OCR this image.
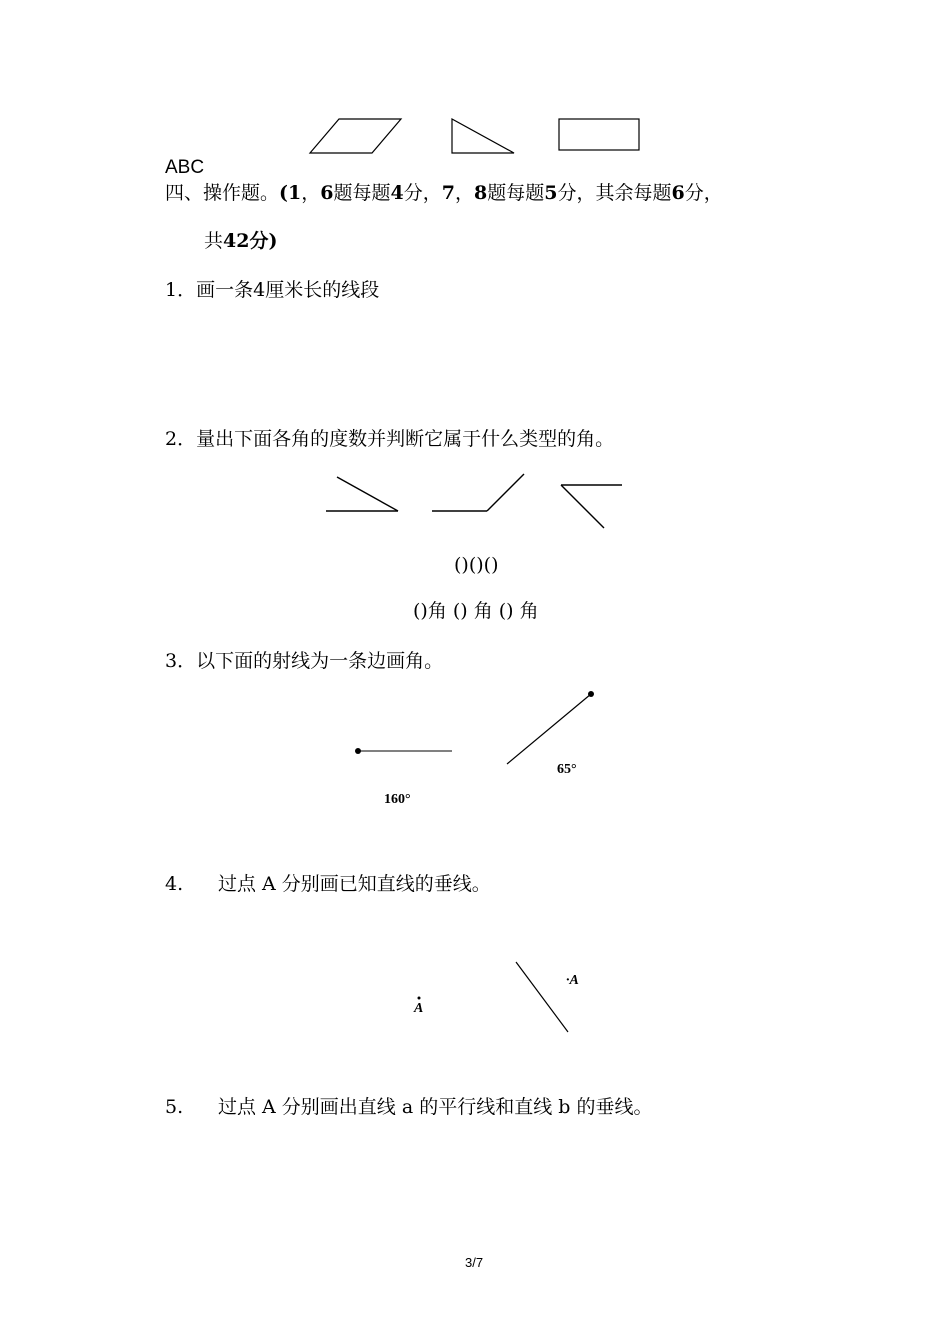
ABC
四、操作题。(1，6题每题4分，7，8题每题5分，其余每题6分，
共42分)
1．画一条4厘米长的线段
2．量出下面各角的度数并判断它属于什么类型的角。
()()()
()角 () 角 () 角
3．以下面的射线为一条边画角。
160°
65°
4. 过点 A 分别画已知直线的垂线。
A
·A
5. 过点 A 分别画出直线 a 的平行线和直线 b 的垂线。
3/7
